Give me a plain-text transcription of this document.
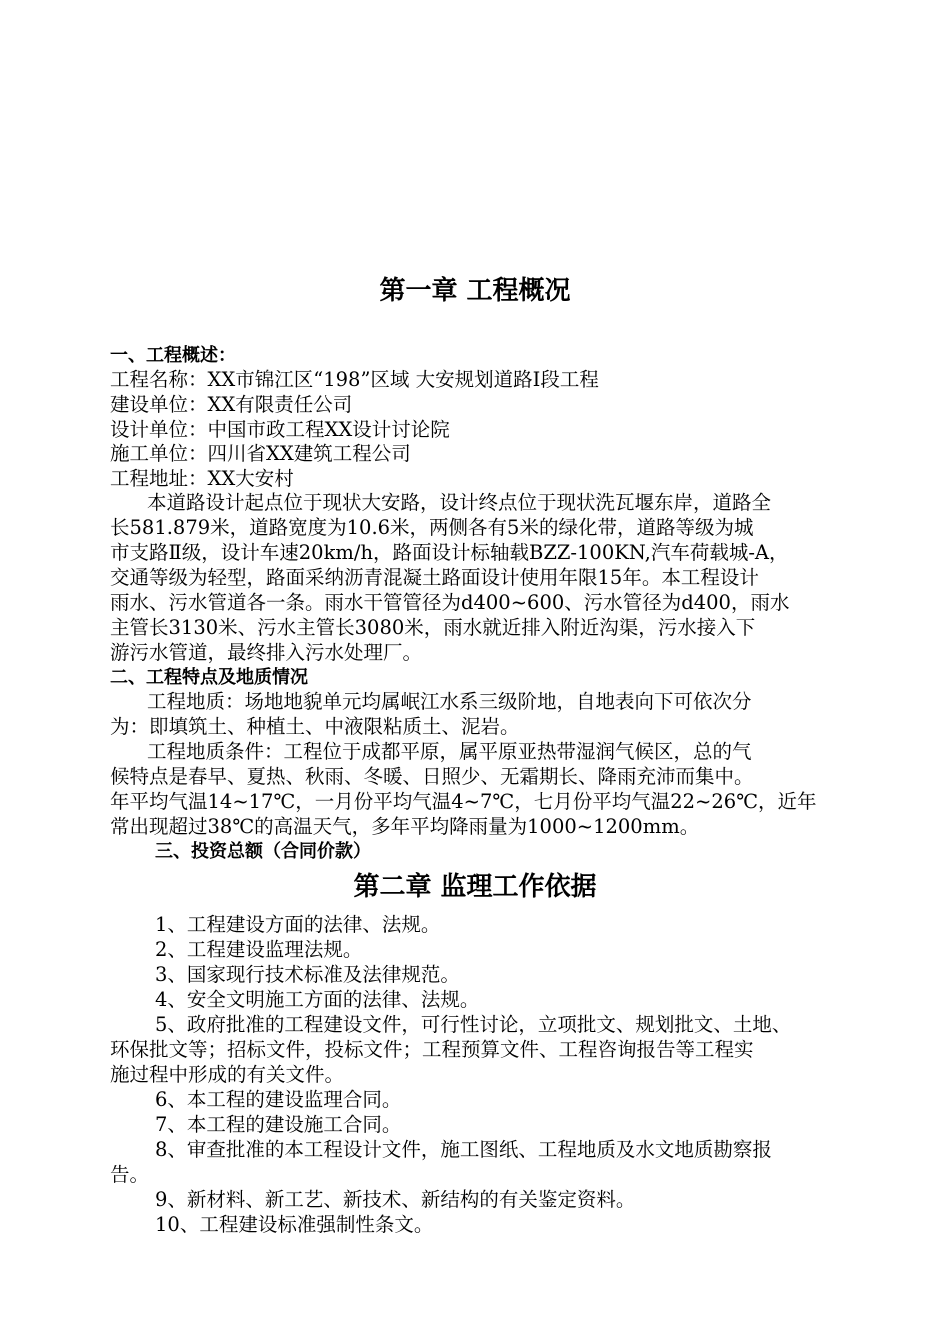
第一章 工程概况
一、工程概述：
工程名称：XX市锦江区“198”区域 大安规划道路Ⅰ段工程
建设单位：XX有限责任公司
设计单位：中国市政工程XX设计讨论院
施工单位：四川省XX建筑工程公司
工程地址：XX大安村
本道路设计起点位于现状大安路，设计终点位于现状洗瓦堰东岸，道路全
长581.879米，道路宽度为10.6米，两侧各有5米的绿化带，道路等级为城
市支路Ⅱ级，设计车速20km/h，路面设计标轴载BZZ-100KN,汽车荷载城-A，
交通等级为轻型，路面采纳沥青混凝土路面设计使用年限15年。本工程设计
雨水、污水管道各一条。雨水干管管径为d400~600、污水管径为d400，雨水
主管长3130米、污水主管长3080米，雨水就近排入附近沟渠，污水接入下
游污水管道，最终排入污水处理厂。
二、工程特点及地质情况
工程地质：场地地貌单元均属岷江水系三级阶地，自地表向下可依次分
为：即填筑土、种植土、中液限粘质土、泥岩。
工程地质条件：工程位于成都平原，属平原亚热带湿润气候区，总的气
候特点是春早、夏热、秋雨、冬暖、日照少、无霜期长、降雨充沛而集中。
年平均气温14~17℃，一月份平均气温4~7℃，七月份平均气温22~26℃，近年
常出现超过38℃的高温天气，多年平均降雨量为1000~1200mm。
三、投资总额（合同价款）
第二章 监理工作依据
1、工程建设方面的法律、法规。
2、工程建设监理法规。
3、国家现行技术标准及法律规范。
4、安全文明施工方面的法律、法规。
5、政府批准的工程建设文件，可行性讨论，立项批文、规划批文、土地、
环保批文等；招标文件，投标文件；工程预算文件、工程咨询报告等工程实
施过程中形成的有关文件。
6、本工程的建设监理合同。
7、本工程的建设施工合同。
8、审查批准的本工程设计文件，施工图纸、工程地质及水文地质勘察报
告。
9、新材料、新工艺、新技术、新结构的有关鉴定资料。
10、工程建设标准强制性条文。
